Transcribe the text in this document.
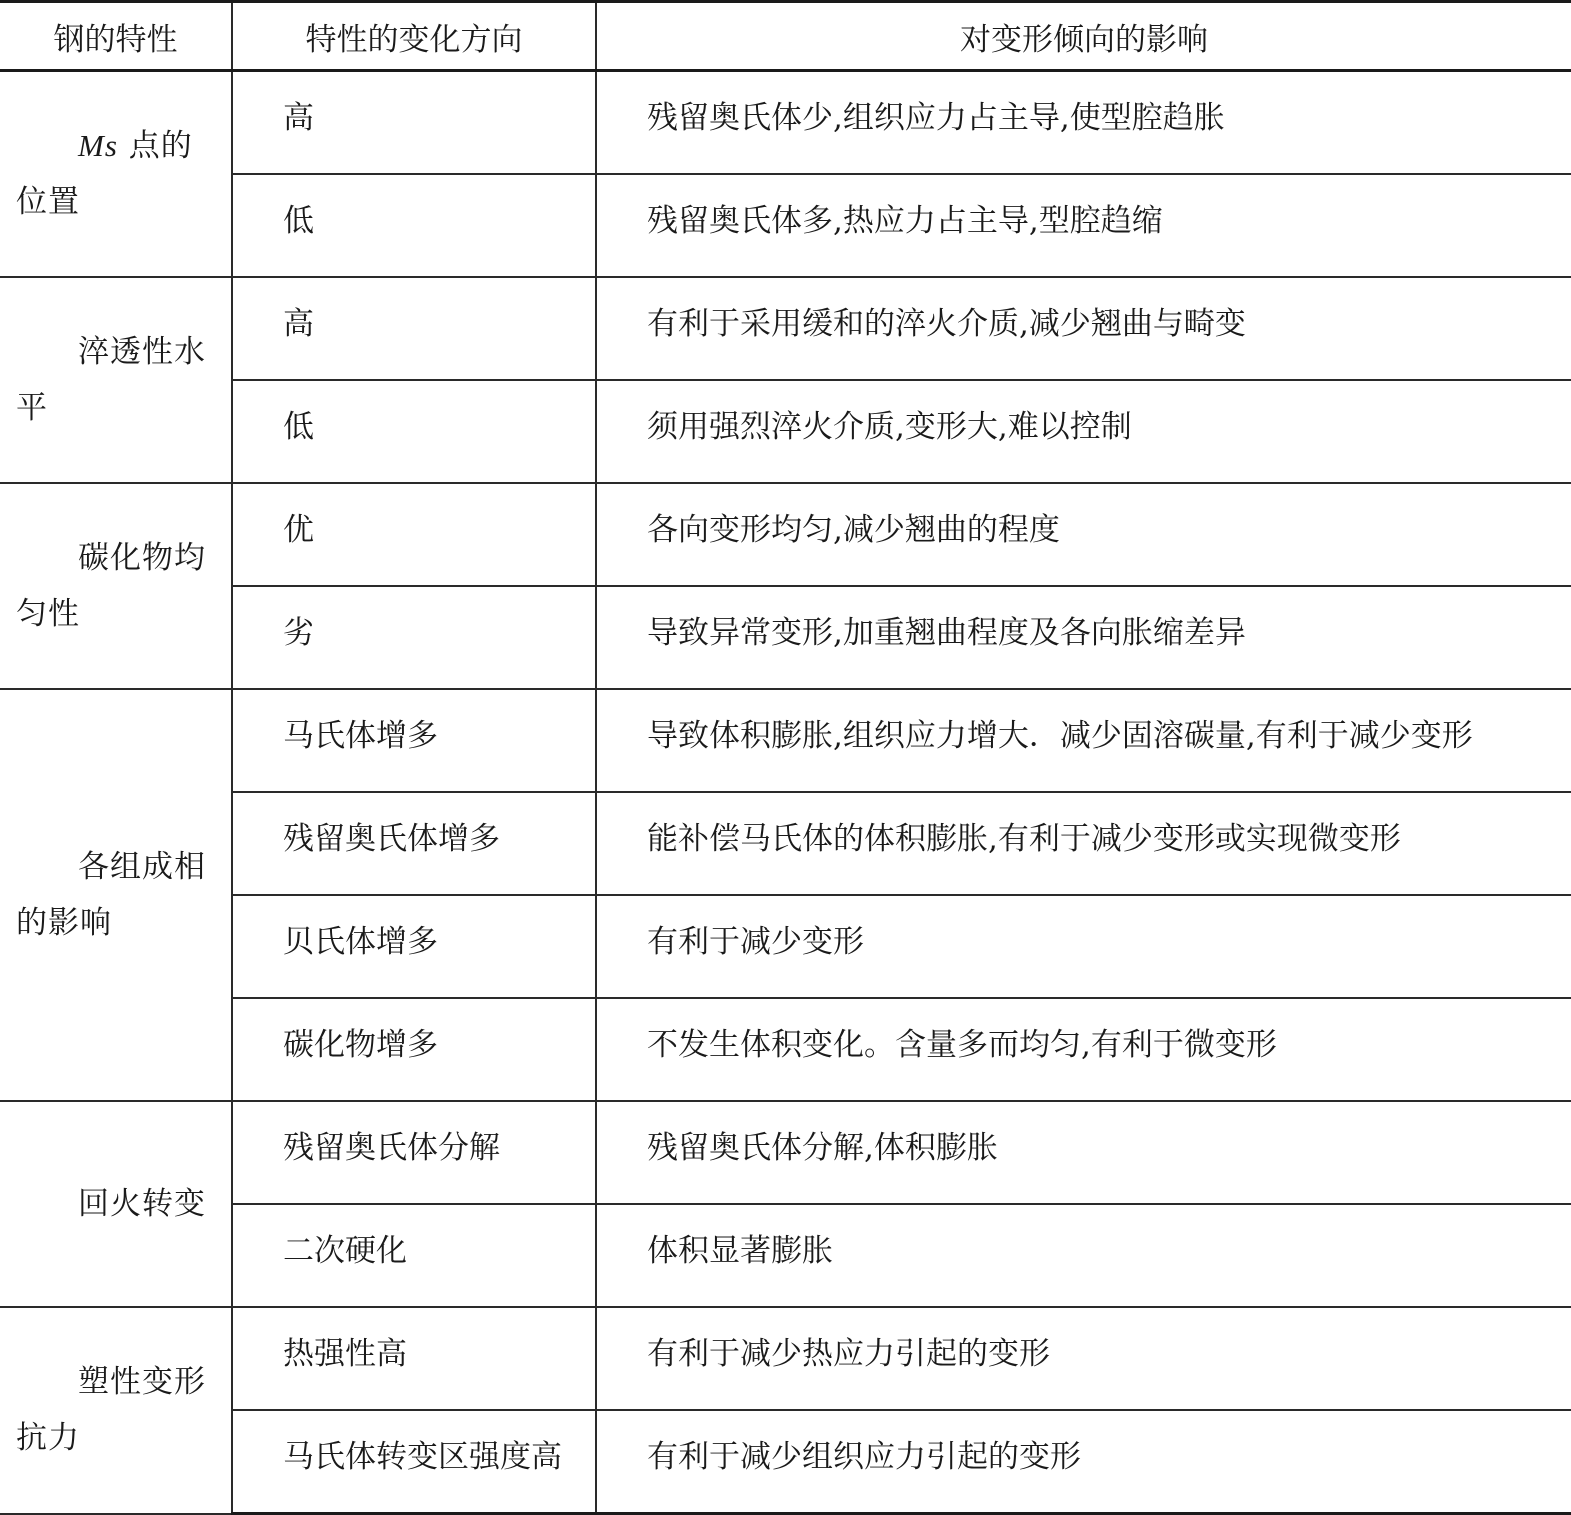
钢的特性	特性的变化方向	对变形倾向的影响

Ms 点的位置	高	残留奥氏体少,组织应力占主导,使型腔趋胀
	低	残留奥氏体多,热应力占主导,型腔趋缩

淬透性水平	高	有利于采用缓和的淬火介质,减少翘曲与畸变
	低	须用强烈淬火介质,变形大,难以控制

碳化物均匀性	优	各向变形均匀,减少翘曲的程度
	劣	导致异常变形,加重翘曲程度及各向胀缩差异

各组成相的影响	马氏体增多	导致体积膨胀,组织应力增大．减少固溶碳量,有利于减少变形
	残留奥氏体增多	能补偿马氏体的体积膨胀,有利于减少变形或实现微变形
	贝氏体增多	有利于减少变形
	碳化物增多	不发生体积变化。含量多而均匀,有利于微变形

回火转变	残留奥氏体分解	残留奥氏体分解,体积膨胀
	二次硬化	体积显著膨胀

塑性变形抗力	热强性高	有利于减少热应力引起的变形
	马氏体转变区强度高	有利于减少组织应力引起的变形
